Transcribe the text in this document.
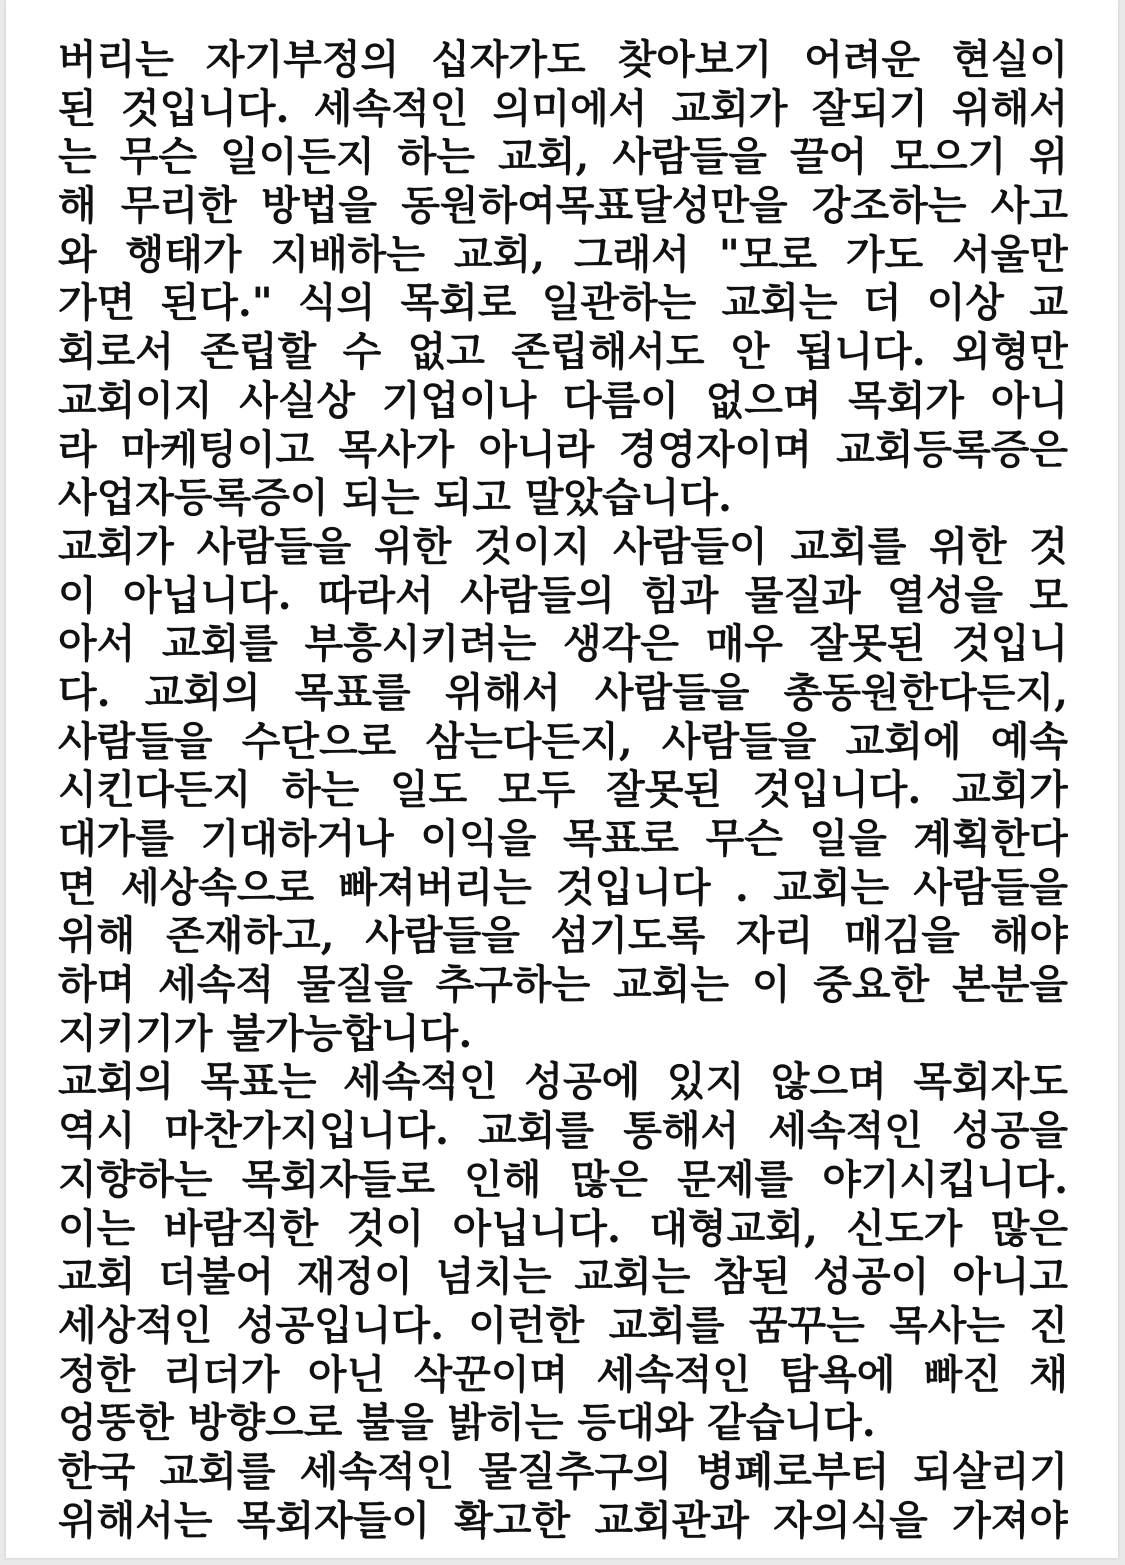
버리는 자기부정의 십자가도 찾아보기 어려운 현실이
된 것입니다. 세속적인 의미에서 교회가 잘되기 위해서
는 무슨 일이든지 하는 교회, 사람들을 끌어 모으기 위
해 무리한 방법을 동원하여목표달성만을 강조하는 사고
와 행태가 지배하는 교회, 그래서 "모로 가도 서울만
가면 된다." 식의 목회로 일관하는 교회는 더 이상 교
회로서 존립할 수 없고 존립해서도 안 됩니다. 외형만
교회이지 사실상 기업이나 다름이 없으며 목회가 아니
라 마케팅이고 목사가 아니라 경영자이며 교회등록증은
사업자등록증이 되는 되고 말았습니다.
교회가 사람들을 위한 것이지 사람들이 교회를 위한 것
이 아닙니다. 따라서 사람들의 힘과 물질과 열성을 모
아서 교회를 부흥시키려는 생각은 매우 잘못된 것입니
다. 교회의 목표를 위해서 사람들을 총동원한다든지,
사람들을 수단으로 삼는다든지, 사람들을 교회에 예속
시킨다든지 하는 일도 모두 잘못된 것입니다. 교회가
대가를 기대하거나 이익을 목표로 무슨 일을 계획한다
면 세상속으로 빠져버리는 것입니다 . 교회는 사람들을
위해 존재하고, 사람들을 섬기도록 자리 매김을 해야
하며 세속적 물질을 추구하는 교회는 이 중요한 본분을
지키기가 불가능합니다.
교회의 목표는 세속적인 성공에 있지 않으며 목회자도
역시 마찬가지입니다. 교회를 통해서 세속적인 성공을
지향하는 목회자들로 인해 많은 문제를 야기시킵니다.
이는 바람직한 것이 아닙니다. 대형교회, 신도가 많은
교회 더불어 재정이 넘치는 교회는 참된 성공이 아니고
세상적인 성공입니다. 이런한 교회를 꿈꾸는 목사는 진
정한 리더가 아닌 삭꾼이며 세속적인 탐욕에 빠진 채
엉뚱한 방향으로 불을 밝히는 등대와 같습니다.
한국 교회를 세속적인 물질추구의 병폐로부터 되살리기
위해서는 목회자들이 확고한 교회관과 자의식을 가져야
